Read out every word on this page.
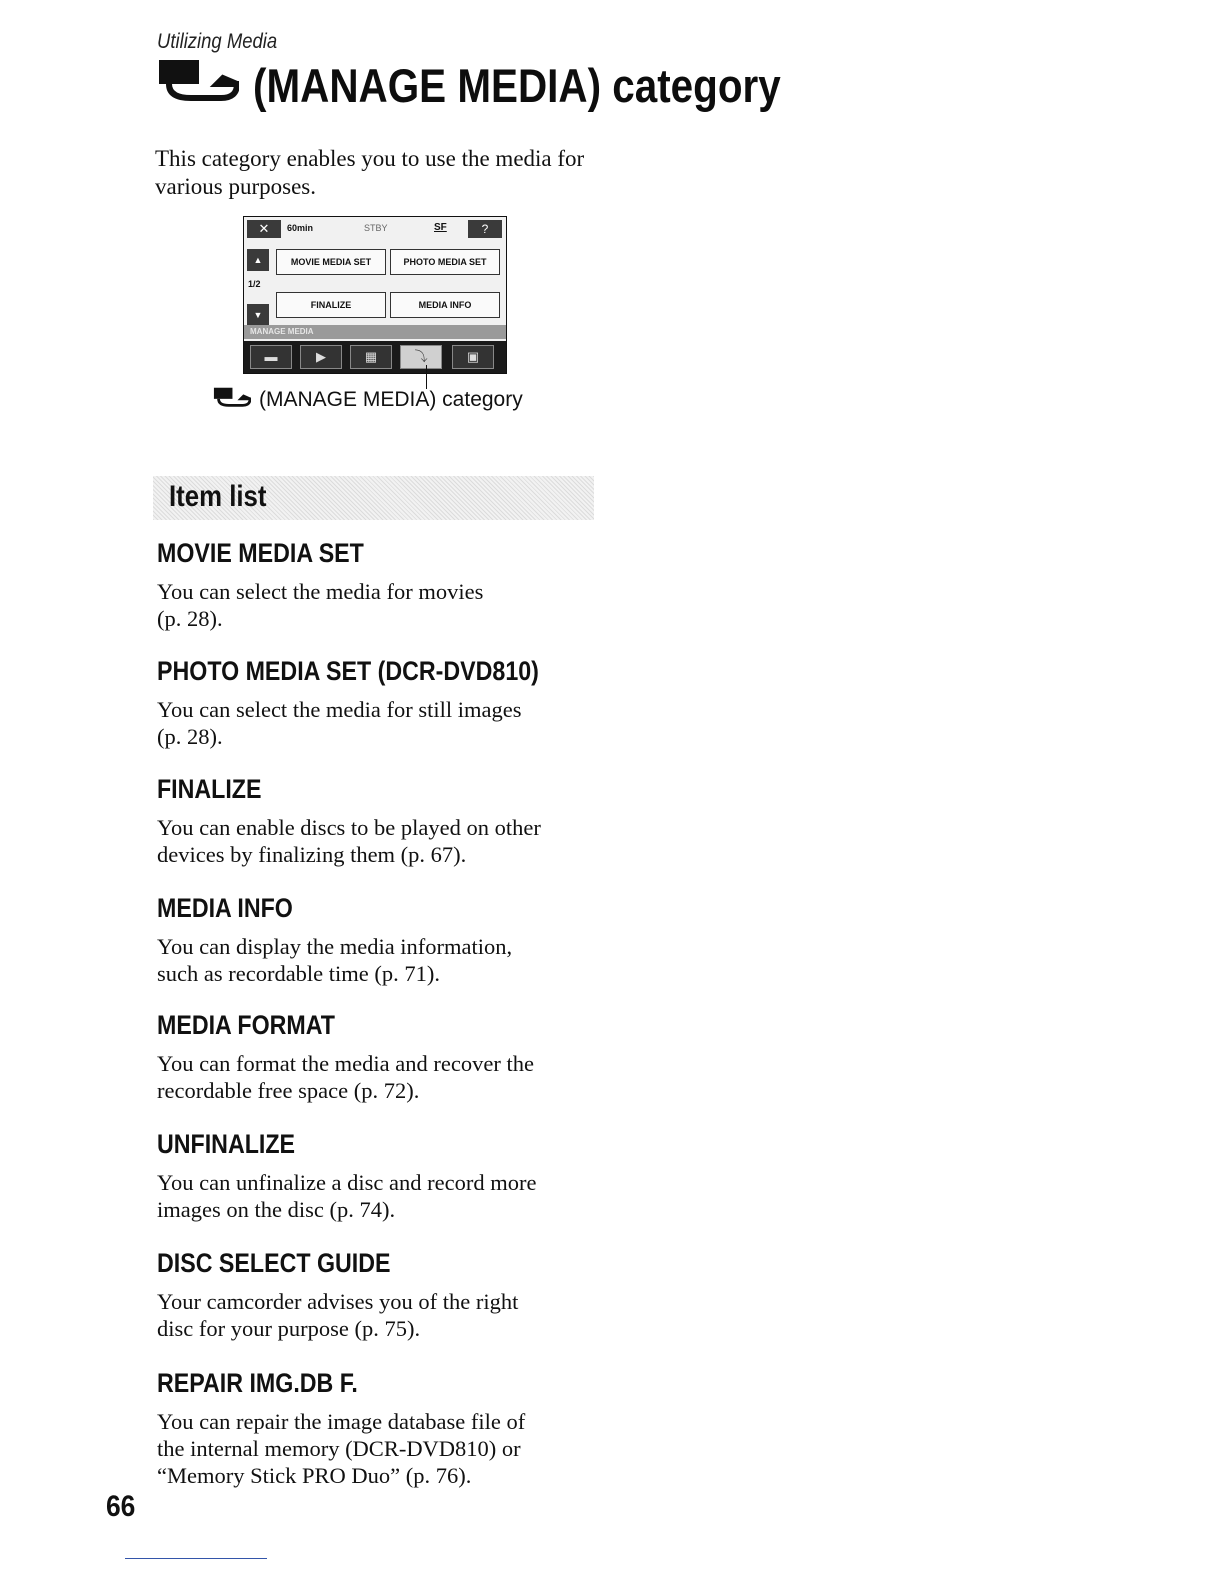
Utilizing Media
(MANAGE MEDIA) category

This category enables you to use the media for various purposes.

✕	60min	STBY	SF	?
▲
1/2
▼
MOVIE MEDIA SET	PHOTO MEDIA SET
FINALIZE	MEDIA INFO
MANAGE MEDIA
▬	▶	▦	⤵	▣
(MANAGE MEDIA) category
Item list
MOVIE MEDIA SET
You can select the media for movies
(p. 28).
PHOTO MEDIA SET (DCR-DVD810)
You can select the media for still images
(p. 28).
FINALIZE
You can enable discs to be played on other
devices by finalizing them (p. 67).
MEDIA INFO
You can display the media information,
such as recordable time (p. 71).
MEDIA FORMAT
You can format the media and recover the
recordable free space (p. 72).
UNFINALIZE
You can unfinalize a disc and record more
images on the disc (p. 74).
DISC SELECT GUIDE
Your camcorder advises you of the right
disc for your purpose (p. 75).
REPAIR IMG.DB F.
You can repair the image database file of
the internal memory (DCR-DVD810) or
“Memory Stick PRO Duo” (p. 76).
66
